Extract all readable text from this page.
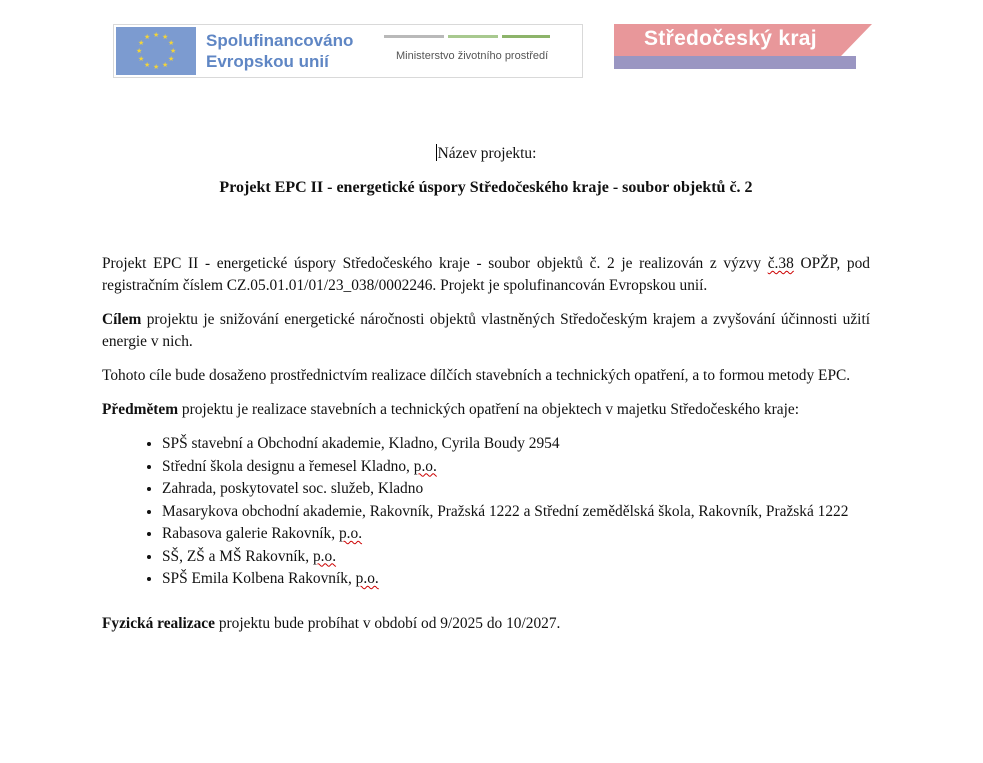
★ ★
★
★
★
★
★
★
★
★
★
★	Spolufinancováno
Evropskou unií	Ministerstvo životního prostředí
Středočeský kraj

Název projektu:

Projekt EPC II - energetické úspory Středočeského kraje - soubor objektů č. 2

Projekt EPC II - energetické úspory Středočeského kraje - soubor objektů č. 2 je realizován z výzvy č.38 OPŽP, pod registračním číslem CZ.05.01.01/01/23_038/0002246. Projekt je spolufinancován Evropskou unií.

Cílem projektu je snižování energetické náročnosti objektů vlastněných Středočeským krajem a zvyšování účinnosti užití energie v nich.

Tohoto cíle bude dosaženo prostřednictvím realizace dílčích stavebních a technických opatření, a to formou metody EPC.

Předmětem projektu je realizace stavebních a technických opatření na objektech v majetku Středočeského kraje:

• SPŠ stavební a Obchodní akademie, Kladno, Cyrila Boudy 2954
• Střední škola designu a řemesel Kladno, p.o.
• Zahrada, poskytovatel soc. služeb, Kladno
• Masarykova obchodní akademie, Rakovník, Pražská 1222 a Střední zemědělská škola, Rakovník, Pražská 1222
• Rabasova galerie Rakovník, p.o.
• SŠ, ZŠ a MŠ Rakovník, p.o.
• SPŠ Emila Kolbena Rakovník, p.o.

Fyzická realizace projektu bude probíhat v období od 9/2025 do 10/2027.
